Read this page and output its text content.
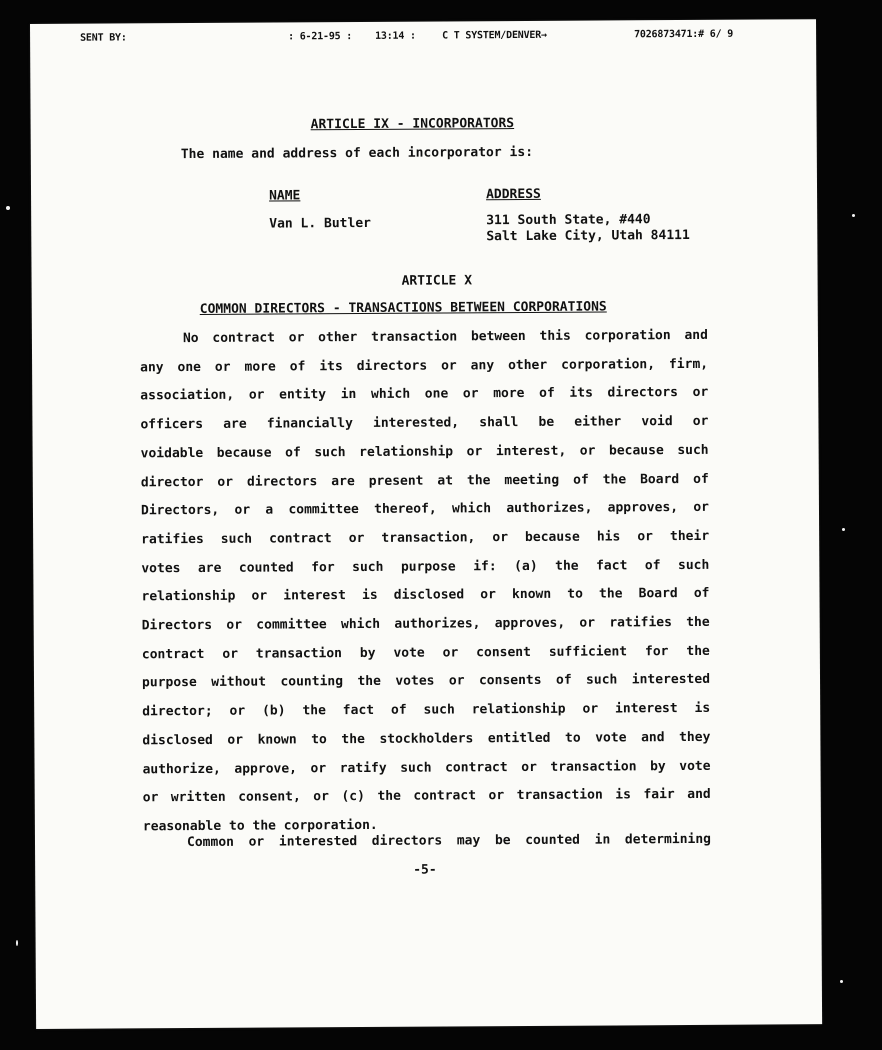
SENT BY:	: 6-21-95 : 13:14 :	C T SYSTEM/DENVER→	7026873471:# 6/ 9
ARTICLE IX - INCORPORATORS
The name and address of each incorporator is:
NAME	ADDRESS
Van L. Butler	311 South State, #440
Salt Lake City, Utah 84111
ARTICLE X
COMMON DIRECTORS - TRANSACTIONS BETWEEN CORPORATIONS
No contract or other transaction between this corporation and
any one or more of its directors or any other corporation, firm,
association, or entity in which one or more of its directors or
officers are financially interested, shall be either void or
voidable because of such relationship or interest, or because such
director or directors are present at the meeting of the Board of
Directors, or a committee thereof, which authorizes, approves, or
ratifies such contract or transaction, or because his or their
votes are counted for such purpose if: (a) the fact of such
relationship or interest is disclosed or known to the Board of
Directors or committee which authorizes, approves, or ratifies the
contract or transaction by vote or consent sufficient for the
purpose without counting the votes or consents of such interested
director; or (b) the fact of such relationship or interest is
disclosed or known to the stockholders entitled to vote and they
authorize, approve, or ratify such contract or transaction by vote
or written consent, or (c) the contract or transaction is fair and
reasonable to the corporation.
Common or interested directors may be counted in determining
-5-
